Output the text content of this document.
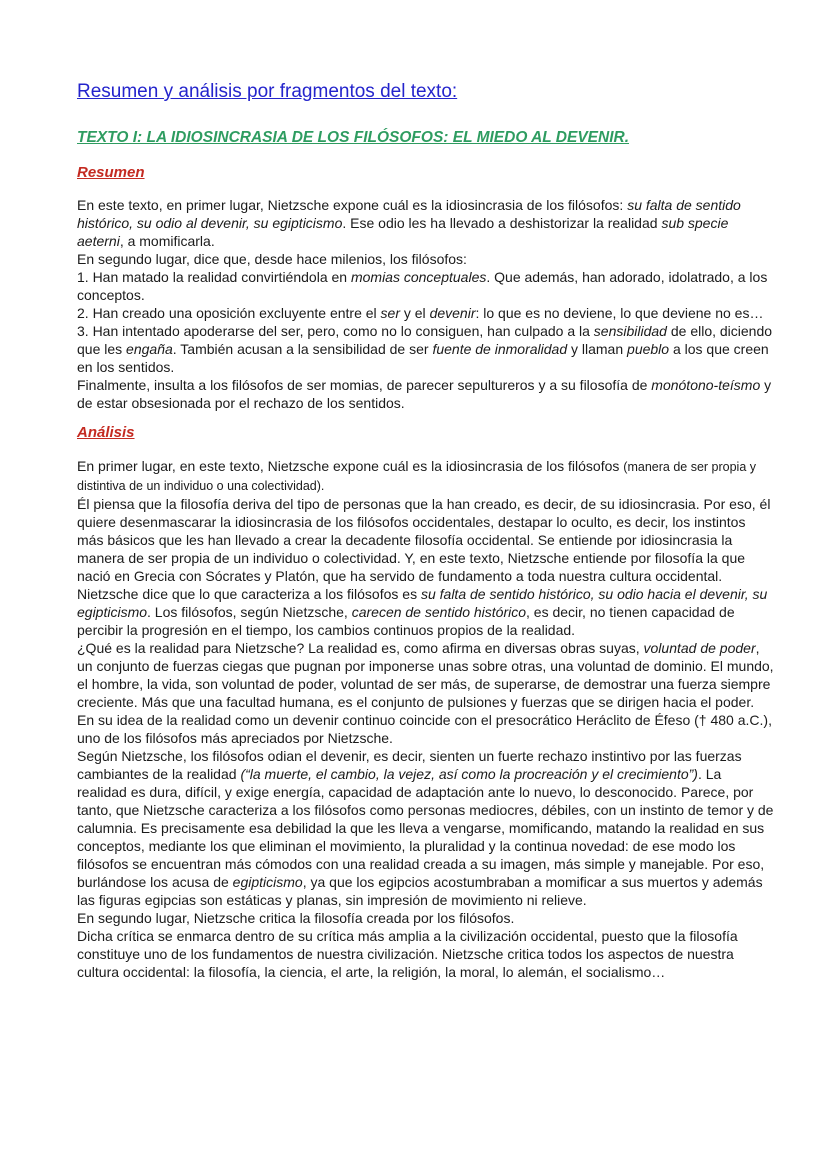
Resumen y análisis por fragmentos del texto:
TEXTO I: LA IDIOSINCRASIA DE LOS FILÓSOFOS: EL MIEDO AL DEVENIR.
Resumen

En este texto, en primer lugar, Nietzsche expone cuál es la idiosincrasia de los filósofos: su falta de sentido histórico, su odio al devenir, su egipticismo. Ese odio les ha llevado a deshistorizar la realidad sub specie aeterni, a momificarla.

En segundo lugar, dice que, desde hace milenios, los filósofos:

1. Han matado la realidad convirtiéndola en momias conceptuales. Que además, han adorado, idolatrado, a los conceptos.

2. Han creado una oposición excluyente entre el ser y el devenir: lo que es no deviene, lo que deviene no es…

3. Han intentado apoderarse del ser, pero, como no lo consiguen, han culpado a la sensibilidad de ello, diciendo que les engaña. También acusan a la sensibilidad de ser fuente de inmoralidad y llaman pueblo a los que creen en los sentidos.

Finalmente, insulta a los filósofos de ser momias, de parecer sepultureros y a su filosofía de monótono-teísmo y de estar obsesionada por el rechazo de los sentidos.

Análisis

En primer lugar, en este texto, Nietzsche expone cuál es la idiosincrasia de los filósofos (manera de ser propia y distintiva de un individuo o una colectividad).

Él piensa que la filosofía deriva del tipo de personas que la han creado, es decir, de su idiosincrasia. Por eso, él quiere desenmascarar la idiosincrasia de los filósofos occidentales, destapar lo oculto, es decir, los instintos más básicos que les han llevado a crear la decadente filosofía occidental. Se entiende por idiosincrasia la manera de ser propia de un individuo o colectividad. Y, en este texto, Nietzsche entiende por filosofía la que nació en Grecia con Sócrates y Platón, que ha servido de fundamento a toda nuestra cultura occidental.

Nietzsche dice que lo que caracteriza a los filósofos es su falta de sentido histórico, su odio hacia el devenir, su egipticismo. Los filósofos, según Nietzsche, carecen de sentido histórico, es decir, no tienen capacidad de percibir la progresión en el tiempo, los cambios continuos propios de la realidad.

¿Qué es la realidad para Nietzsche? La realidad es, como afirma en diversas obras suyas, voluntad de poder, un conjunto de fuerzas ciegas que pugnan por imponerse unas sobre otras, una voluntad de dominio. El mundo, el hombre, la vida, son voluntad de poder, voluntad de ser más, de superarse, de demostrar una fuerza siempre creciente. Más que una facultad humana, es el conjunto de pulsiones y fuerzas que se dirigen hacia el poder. En su idea de la realidad como un devenir continuo coincide con el presocrático Heráclito de Éfeso († 480 a.C.), uno de los filósofos más apreciados por Nietzsche.

Según Nietzsche, los filósofos odian el devenir, es decir, sienten un fuerte rechazo instintivo por las fuerzas cambiantes de la realidad (“la muerte, el cambio, la vejez, así como la procreación y el crecimiento”). La realidad es dura, difícil, y exige energía, capacidad de adaptación ante lo nuevo, lo desconocido. Parece, por tanto, que Nietzsche caracteriza a los filósofos como personas mediocres, débiles, con un instinto de temor y de calumnia. Es precisamente esa debilidad la que les lleva a vengarse, momificando, matando la realidad en sus conceptos, mediante los que eliminan el movimiento, la pluralidad y la continua novedad: de ese modo los filósofos se encuentran más cómodos con una realidad creada a su imagen, más simple y manejable. Por eso, burlándose los acusa de egipticismo, ya que los egipcios acostumbraban a momificar a sus muertos y además las figuras egipcias son estáticas y planas, sin impresión de movimiento ni relieve.

En segundo lugar, Nietzsche critica la filosofía creada por los filósofos.

Dicha crítica se enmarca dentro de su crítica más amplia a la civilización occidental, puesto que la filosofía constituye uno de los fundamentos de nuestra civilización. Nietzsche critica todos los aspectos de nuestra cultura occidental: la filosofía, la ciencia, el arte, la religión, la moral, lo alemán, el socialismo…
